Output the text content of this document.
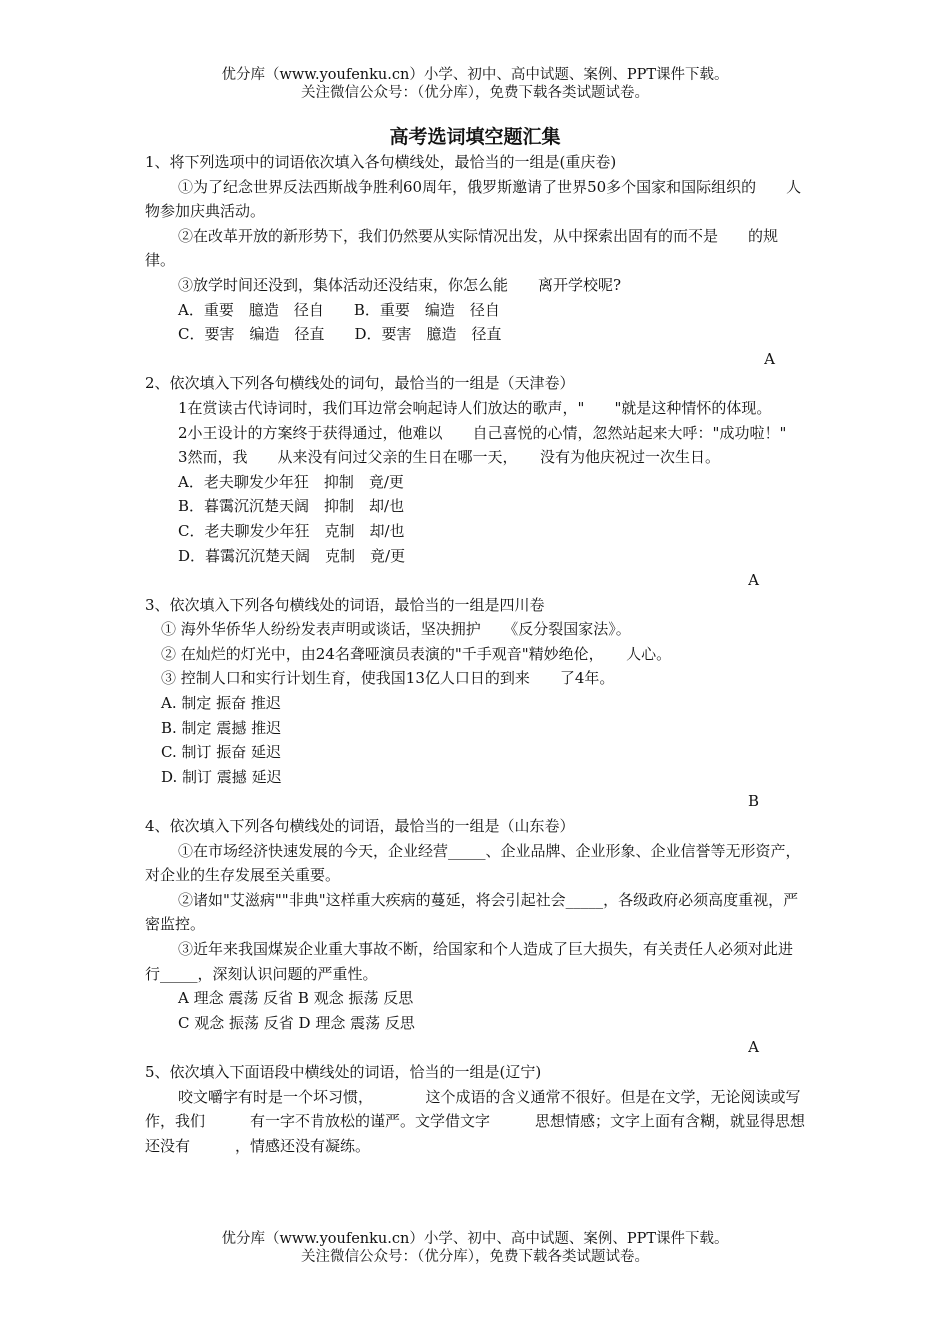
优分库（www.youfenku.cn）小学、初中、高中试题、案例、PPT课件下载。
关注微信公众号：（优分库），免费下载各类试题试卷。
高考选词填空题汇集

1、将下列选项中的词语依次填入各句横线处，最恰当的一组是(重庆卷)

①为了纪念世界反法西斯战争胜利60周年，俄罗斯邀请了世界50多个国家和国际组织的　　人物参加庆典活动。

②在改革开放的新形势下，我们仍然要从实际情况出发，从中探索出固有的而不是　　的规律。

③放学时间还没到，集体活动还没结束，你怎么能　　离开学校呢?

A．重要　臆造　径自　　B．重要　编造　径自

C．要害　编造　径直　　D．要害　臆造　径直

A

2、依次填入下列各句横线处的词句，最恰当的一组是（天津卷）

1在赏读古代诗词时，我们耳边常会响起诗人们放达的歌声，"　　"就是这种情怀的体现。

2小王设计的方案终于获得通过，他难以　　自己喜悦的心情，忽然站起来大呼："成功啦！"

3然而，我　　从来没有问过父亲的生日在哪一天，　　没有为他庆祝过一次生日。

A．老夫聊发少年狂　抑制　竟/更

B．暮霭沉沉楚天阔　抑制　却/也

C．老夫聊发少年狂　克制　却/也

D．暮霭沉沉楚天阔　克制　竟/更

A

3、依次填入下列各句横线处的词语，最恰当的一组是四川卷

① 海外华侨华人纷纷发表声明或谈话，坚决拥护　　《反分裂国家法》。

② 在灿烂的灯光中，由24名聋哑演员表演的"千手观音"精妙绝伦，　　人心。

③ 控制人口和实行计划生育，使我国13亿人口日的到来　　了4年。

A. 制定 振奋 推迟

B. 制定 震撼 推迟

C. 制订 振奋 延迟

D. 制订 震撼 延迟

B

4、依次填入下列各句横线处的词语，最恰当的一组是（山东卷）

①在市场经济快速发展的今天，企业经营_____、企业品牌、企业形象、企业信誉等无形资产，对企业的生存发展至关重要。

②诸如"艾滋病""非典"这样重大疾病的蔓延，将会引起社会_____，各级政府必须高度重视，严密监控。

③近年来我国煤炭企业重大事故不断，给国家和个人造成了巨大损失，有关责任人必须对此进行_____，深刻认识问题的严重性。

A 理念 震荡 反省 B 观念 振荡 反思

C 观念 振荡 反省 D 理念 震荡 反思

A

5、依次填入下面语段中横线处的词语，恰当的一组是(辽宁)

咬文嚼字有时是一个坏习惯，　　　　这个成语的含义通常不很好。但是在文学，无论阅读或写作，我们　　　有一字不肯放松的谨严。文学借文字　　　思想情感；文字上面有含糊，就显得思想还没有　　　，情感还没有凝练。

优分库（www.youfenku.cn）小学、初中、高中试题、案例、PPT课件下载。
关注微信公众号：（优分库），免费下载各类试题试卷。
